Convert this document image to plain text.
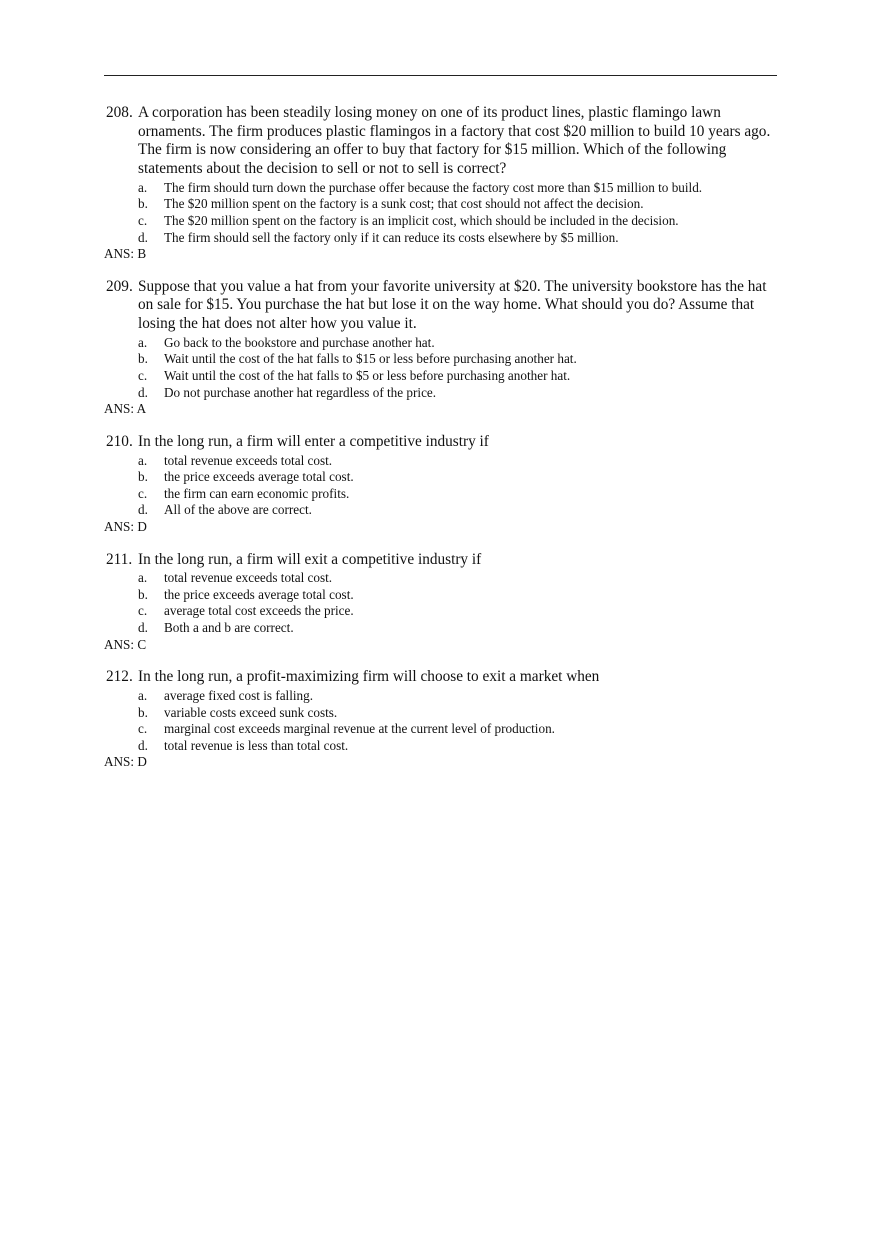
208. A corporation has been steadily losing money on one of its product lines, plastic flamingo lawn ornaments. The firm produces plastic flamingos in a factory that cost $20 million to build 10 years ago. The firm is now considering an offer to buy that factory for $15 million. Which of the following statements about the decision to sell or not to sell is correct?
a. The firm should turn down the purchase offer because the factory cost more than $15 million to build.
b. The $20 million spent on the factory is a sunk cost; that cost should not affect the decision.
c. The $20 million spent on the factory is an implicit cost, which should be included in the decision.
d. The firm should sell the factory only if it can reduce its costs elsewhere by $5 million.
ANS: B
209. Suppose that you value a hat from your favorite university at $20. The university bookstore has the hat on sale for $15. You purchase the hat but lose it on the way home. What should you do? Assume that losing the hat does not alter how you value it.
a. Go back to the bookstore and purchase another hat.
b. Wait until the cost of the hat falls to $15 or less before purchasing another hat.
c. Wait until the cost of the hat falls to $5 or less before purchasing another hat.
d. Do not purchase another hat regardless of the price.
ANS: A
210. In the long run, a firm will enter a competitive industry if
a. total revenue exceeds total cost.
b. the price exceeds average total cost.
c. the firm can earn economic profits.
d. All of the above are correct.
ANS: D
211. In the long run, a firm will exit a competitive industry if
a. total revenue exceeds total cost.
b. the price exceeds average total cost.
c. average total cost exceeds the price.
d. Both a and b are correct.
ANS: C
212. In the long run, a profit-maximizing firm will choose to exit a market when
a. average fixed cost is falling.
b. variable costs exceed sunk costs.
c. marginal cost exceeds marginal revenue at the current level of production.
d. total revenue is less than total cost.
ANS: D
